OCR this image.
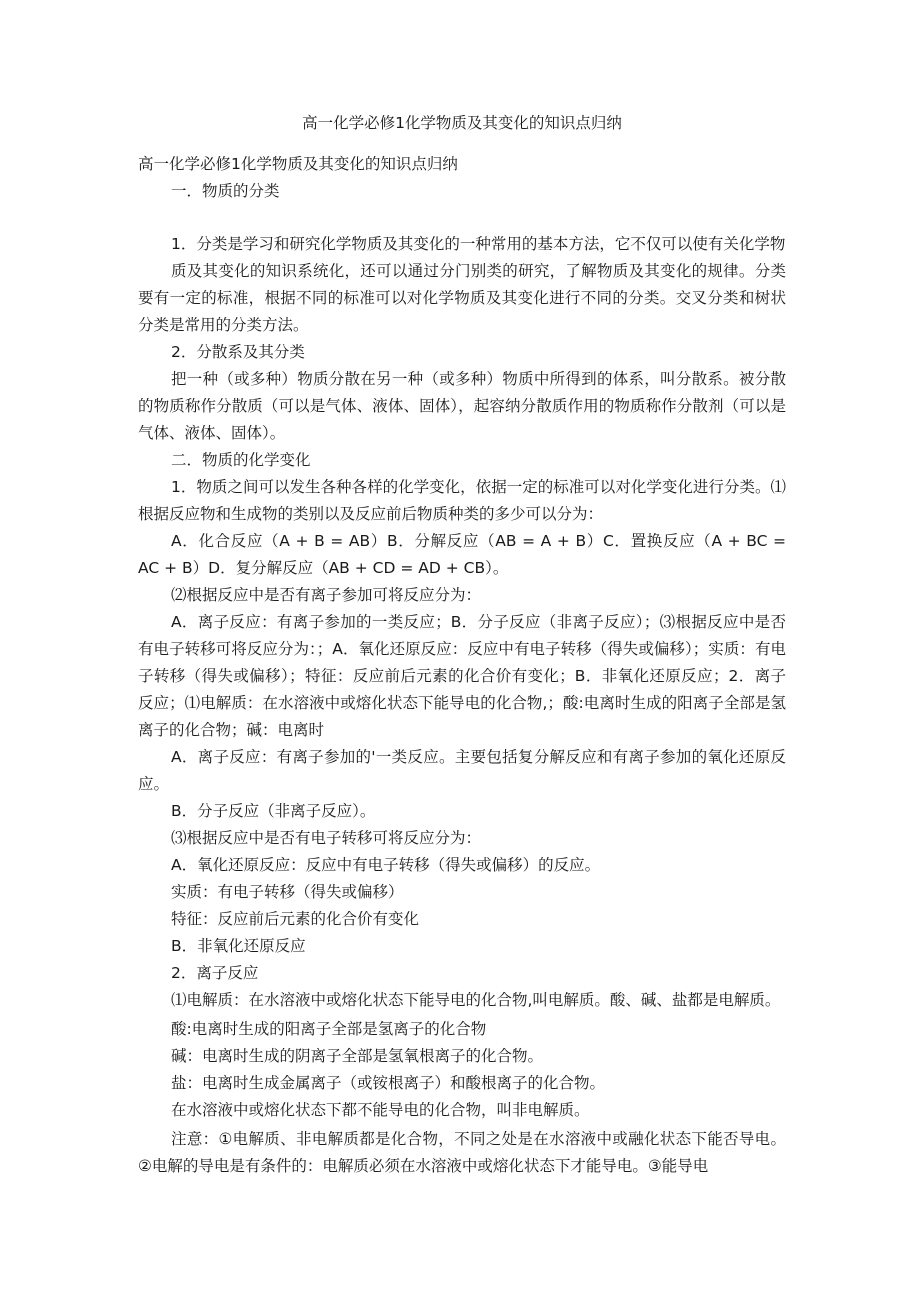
高一化学必修1化学物质及其变化的知识点归纳

高一化学必修1化学物质及其变化的知识点归纳

一．物质的分类

1．分类是学习和研究化学物质及其变化的一种常用的基本方法，它不仅可以使有关化学物

质及其变化的知识系统化，还可以通过分门别类的研究，了解物质及其变化的规律。分类要有一定的标准，根据不同的标准可以对化学物质及其变化进行不同的分类。交叉分类和树状分类是常用的分类方法。

2．分散系及其分类

把一种（或多种）物质分散在另一种（或多种）物质中所得到的体系，叫分散系。被分散的物质称作分散质（可以是气体、液体、固体），起容纳分散质作用的物质称作分散剂（可以是气体、液体、固体）。

二．物质的化学变化

1．物质之间可以发生各种各样的化学变化，依据一定的标准可以对化学变化进行分类。⑴根据反应物和生成物的类别以及反应前后物质种类的多少可以分为：

A．化合反应（A + B = AB）B．分解反应（AB = A + B）C．置换反应（A + BC = AC + B）D．复分解反应（AB + CD = AD + CB）。

⑵根据反应中是否有离子参加可将反应分为：

A．离子反应：有离子参加的一类反应；B．分子反应（非离子反应）；⑶根据反应中是否有电子转移可将反应分为：；A．氧化还原反应：反应中有电子转移（得失或偏移）；实质：有电子转移（得失或偏移）；特征：反应前后元素的化合价有变化；B．非氧化还原反应；2．离子反应；⑴电解质：在水溶液中或熔化状态下能导电的化合物,；酸:电离时生成的阳离子全部是氢离子的化合物；碱：电离时

A．离子反应：有离子参加的'一类反应。主要包括复分解反应和有离子参加的氧化还原反应。

B．分子反应（非离子反应）。

⑶根据反应中是否有电子转移可将反应分为：

A．氧化还原反应：反应中有电子转移（得失或偏移）的反应。

实质：有电子转移（得失或偏移）

特征：反应前后元素的化合价有变化

B．非氧化还原反应

2．离子反应

⑴电解质：在水溶液中或熔化状态下能导电的化合物,叫电解质。酸、碱、盐都是电解质。

酸:电离时生成的阳离子全部是氢离子的化合物

碱：电离时生成的阴离子全部是氢氧根离子的化合物。

盐：电离时生成金属离子（或铵根离子）和酸根离子的化合物。

在水溶液中或熔化状态下都不能导电的化合物，叫非电解质。

注意：①电解质、非电解质都是化合物，不同之处是在水溶液中或融化状态下能否导电。②电解的导电是有条件的：电解质必须在水溶液中或熔化状态下才能导电。③能导电
